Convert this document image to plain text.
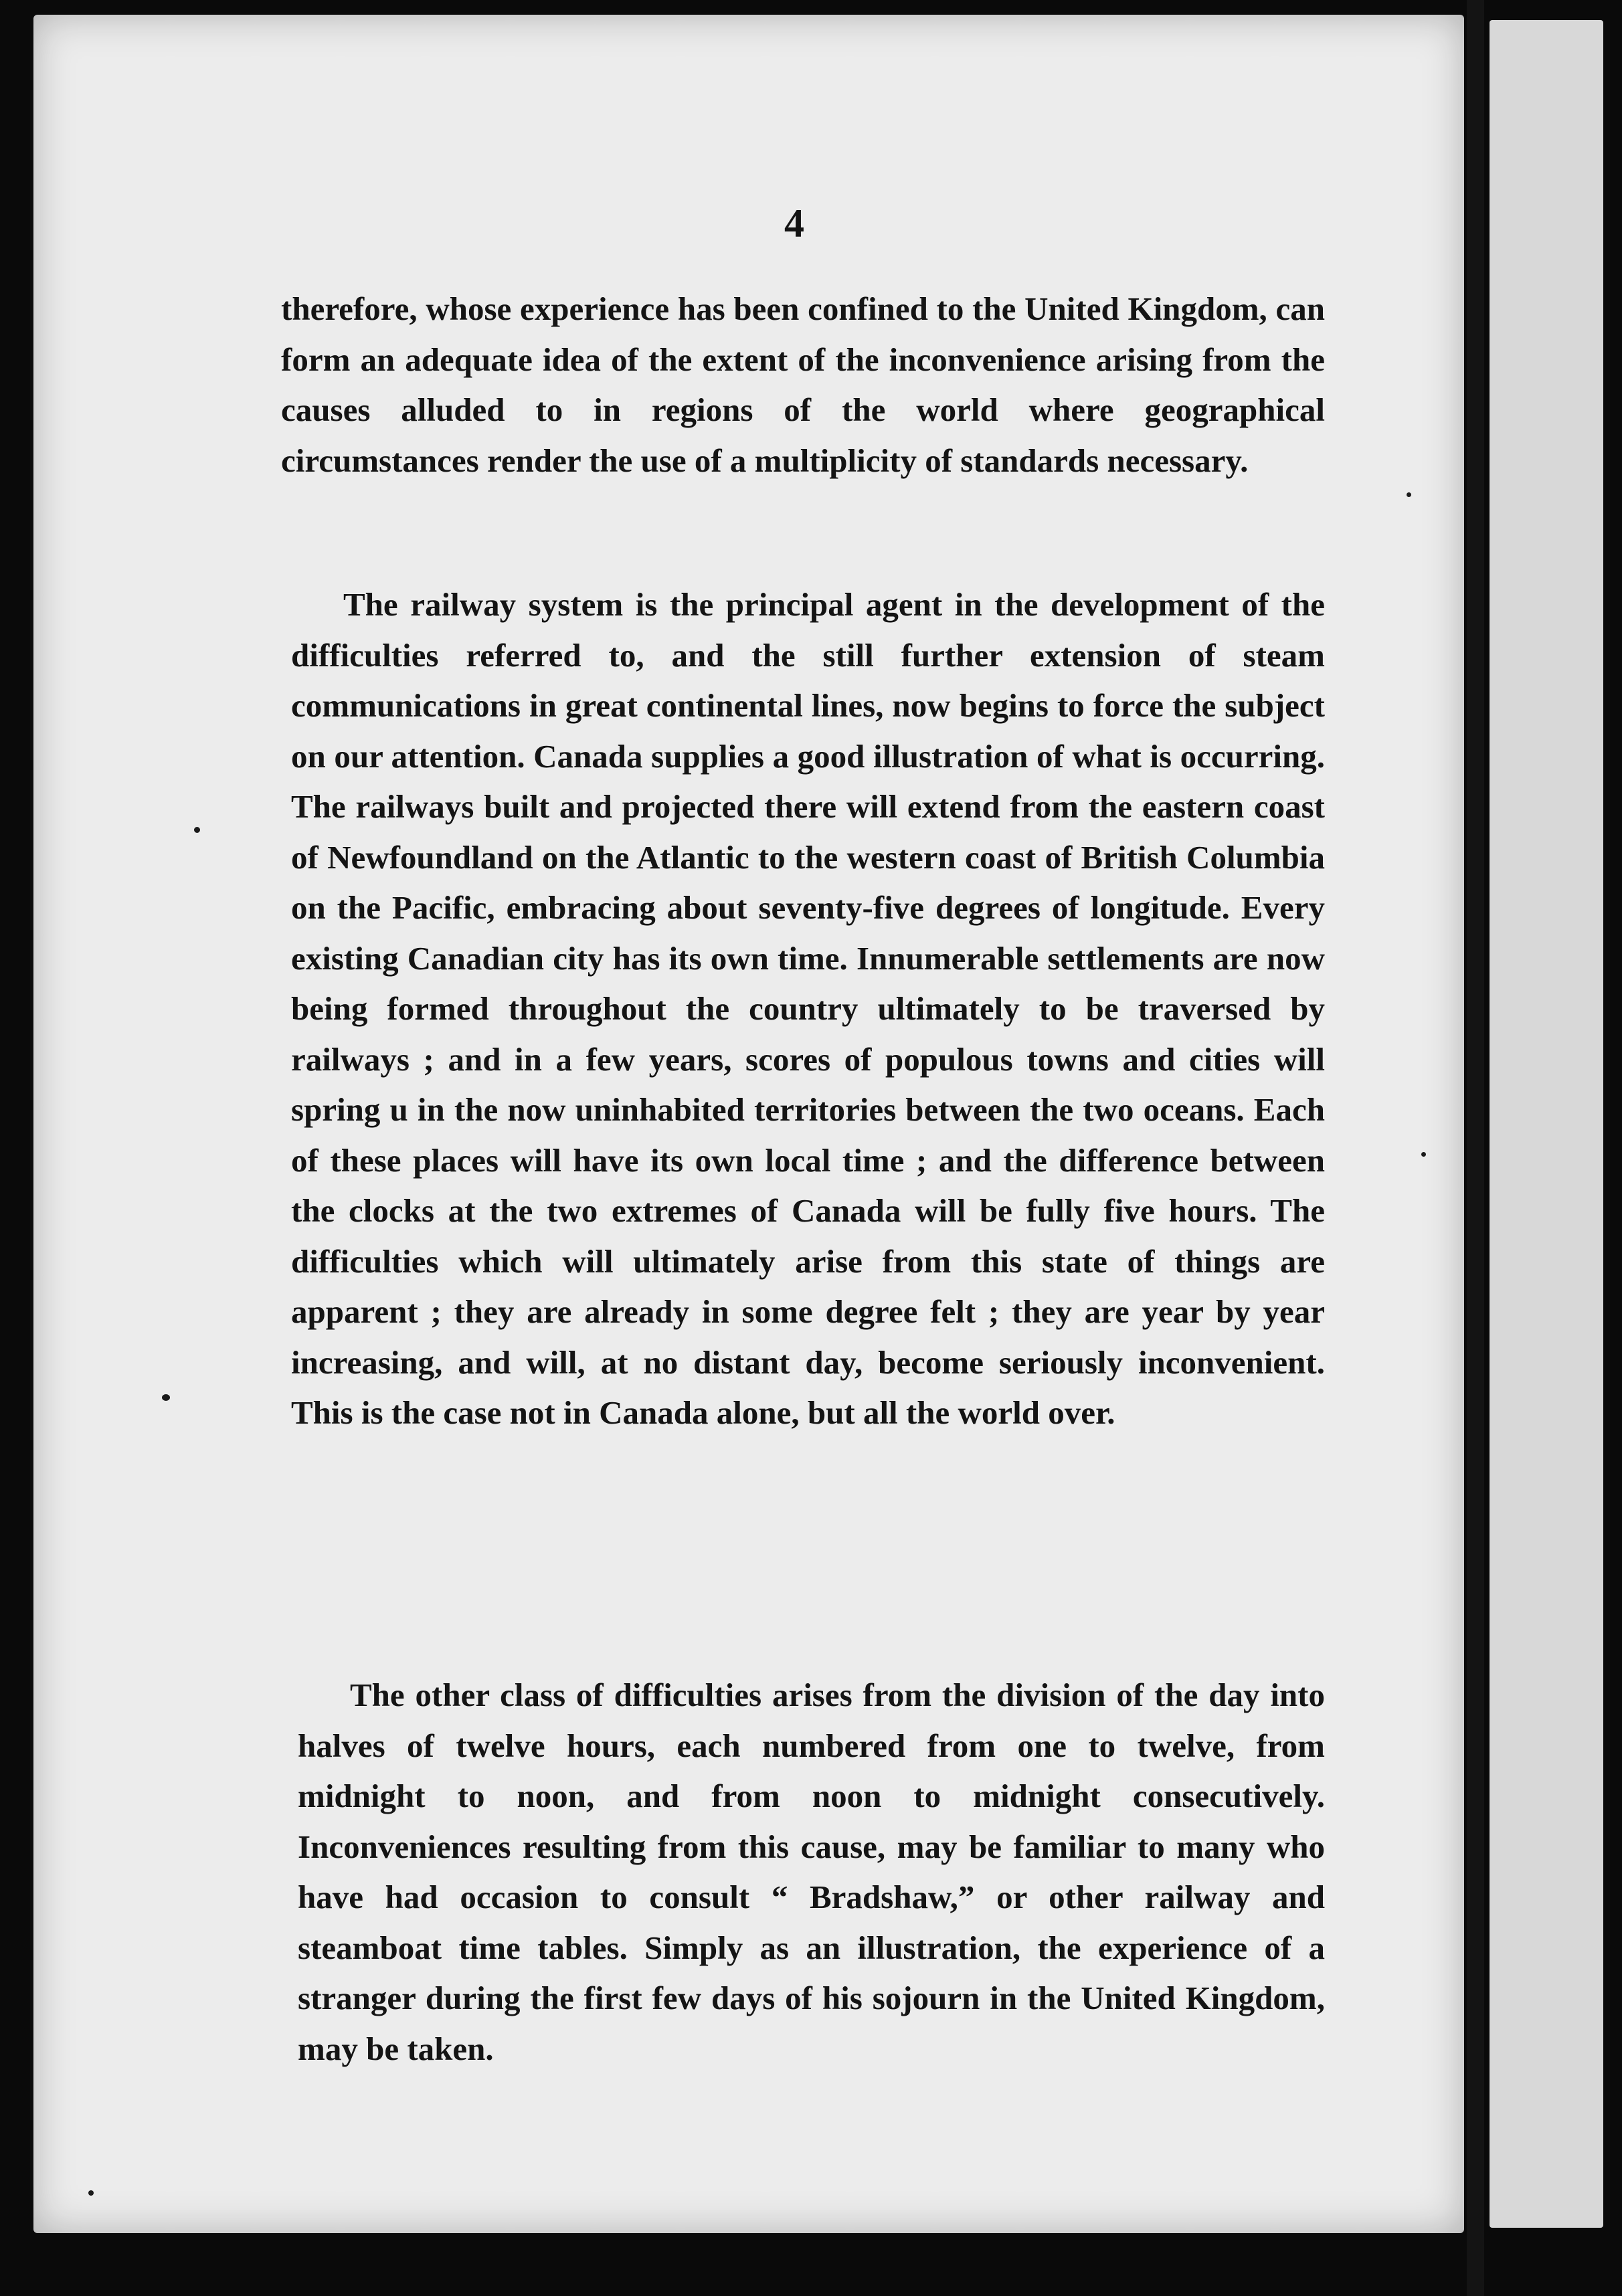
4

therefore, whose experience has been confined to the United Kingdom, can form an adequate idea of the extent of the inconvenience arising from the causes alluded to in regions of the world where geographical circumstances render the use of a multiplicity of standards necessary.

The railway system is the principal agent in the development of the difficulties referred to, and the still further extension of steam communications in great continental lines, now begins to force the subject on our attention. Canada supplies a good illustration of what is occurring. The railways built and projected there will extend from the eastern coast of Newfoundland on the Atlantic to the western coast of British Columbia on the Pacific, embracing about seventy-five degrees of longitude. Every existing Canadian city has its own time. Innumerable settlements are now being formed throughout the country ultimately to be traversed by railways ; and in a few years, scores of populous towns and cities will spring u in the now uninhabited territories between the two oceans. Each of these places will have its own local time ; and the difference between the clocks at the two extremes of Canada will be fully five hours. The difficulties which will ultimately arise from this state of things are apparent ; they are already in some degree felt ; they are year by year increasing, and will, at no distant day, become seriously inconvenient. This is the case not in Canada alone, but all the world over.

The other class of difficulties arises from the division of the day into halves of twelve hours, each numbered from one to twelve, from midnight to noon, and from noon to midnight consecutively. Inconveniences resulting from this cause, may be familiar to many who have had occasion to consult “ Bradshaw,” or other railway and steamboat time tables. Simply as an illustration, the experience of a stranger during the first few days of his sojourn in the United Kingdom, may be taken.
